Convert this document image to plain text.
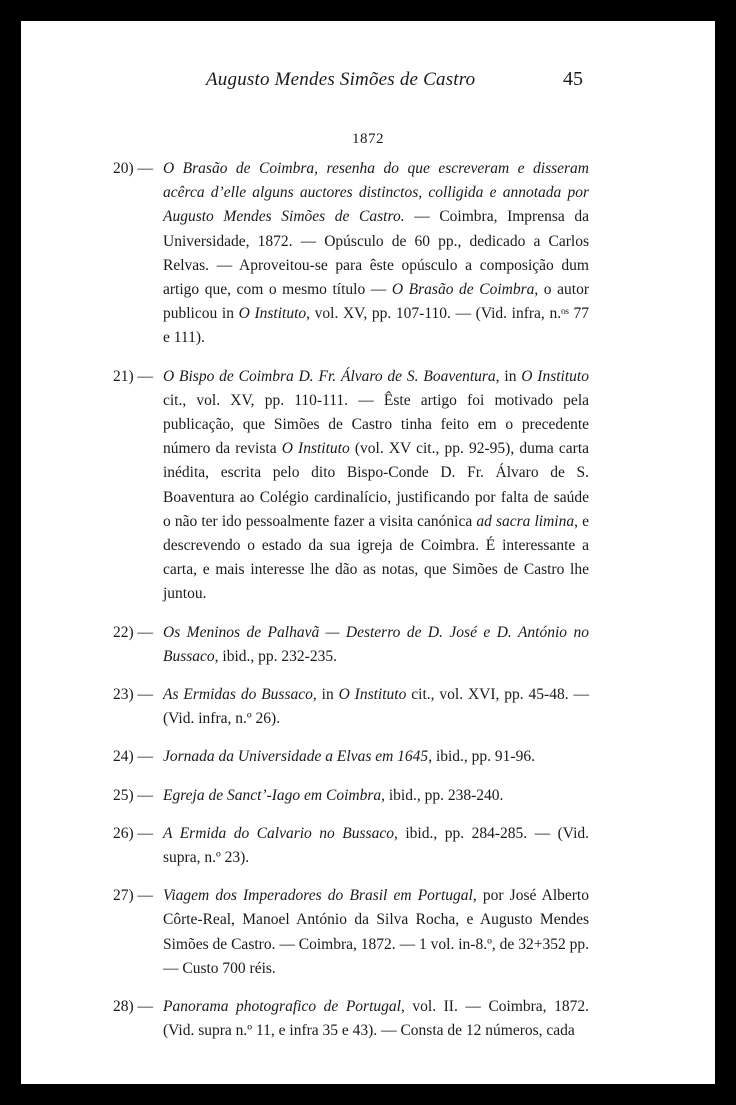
Augusto Mendes Simões de Castro	45
1872
20) — O Brasão de Coimbra, resenha do que escreveram e disseram acêrca d’elle alguns auctores distinctos, colligida e annotada por Augusto Mendes Simões de Castro. — Coimbra, Imprensa da Universidade, 1872. — Opúsculo de 60 pp., dedicado a Carlos Relvas. — Aproveitou-se para êste opúsculo a composição dum artigo que, com o mesmo título — O Brasão de Coimbra, o autor publicou in O Instituto, vol. XV, pp. 107-110. — (Vid. infra, n.ᵒˢ 77 e 111).
21) — O Bispo de Coimbra D. Fr. Álvaro de S. Boaventura, in O Instituto cit., vol. XV, pp. 110-111. — Êste artigo foi motivado pela publicação, que Simões de Castro tinha feito em o precedente número da revista O Instituto (vol. XV cit., pp. 92-95), duma carta inédita, escrita pelo dito Bispo-Conde D. Fr. Álvaro de S. Boaventura ao Colégio cardinalício, justificando por falta de saúde o não ter ido pessoalmente fazer a visita canónica ad sacra limina, e descrevendo o estado da sua igreja de Coimbra. É interessante a carta, e mais interesse lhe dão as notas, que Simões de Castro lhe juntou.
22) — Os Meninos de Palhavã — Desterro de D. José e D. António no Bussaco, ibid., pp. 232-235.
23) — As Ermidas do Bussaco, in O Instituto cit., vol. XVI, pp. 45-48. — (Vid. infra, n.º 26).
24) — Jornada da Universidade a Elvas em 1645, ibid., pp. 91-96.
25) — Egreja de Sanct’-Iago em Coimbra, ibid., pp. 238-240.
26) — A Ermida do Calvario no Bussaco, ibid., pp. 284-285. — (Vid. supra, n.º 23).
27) — Viagem dos Imperadores do Brasil em Portugal, por José Alberto Côrte-Real, Manoel António da Silva Rocha, e Augusto Mendes Simões de Castro. — Coimbra, 1872. — 1 vol. in-8.º, de 32+352 pp. — Custo 700 réis.
28) — Panorama photografico de Portugal, vol. II. — Coimbra, 1872. (Vid. supra n.º 11, e infra 35 e 43). — Consta de 12 números, cada
